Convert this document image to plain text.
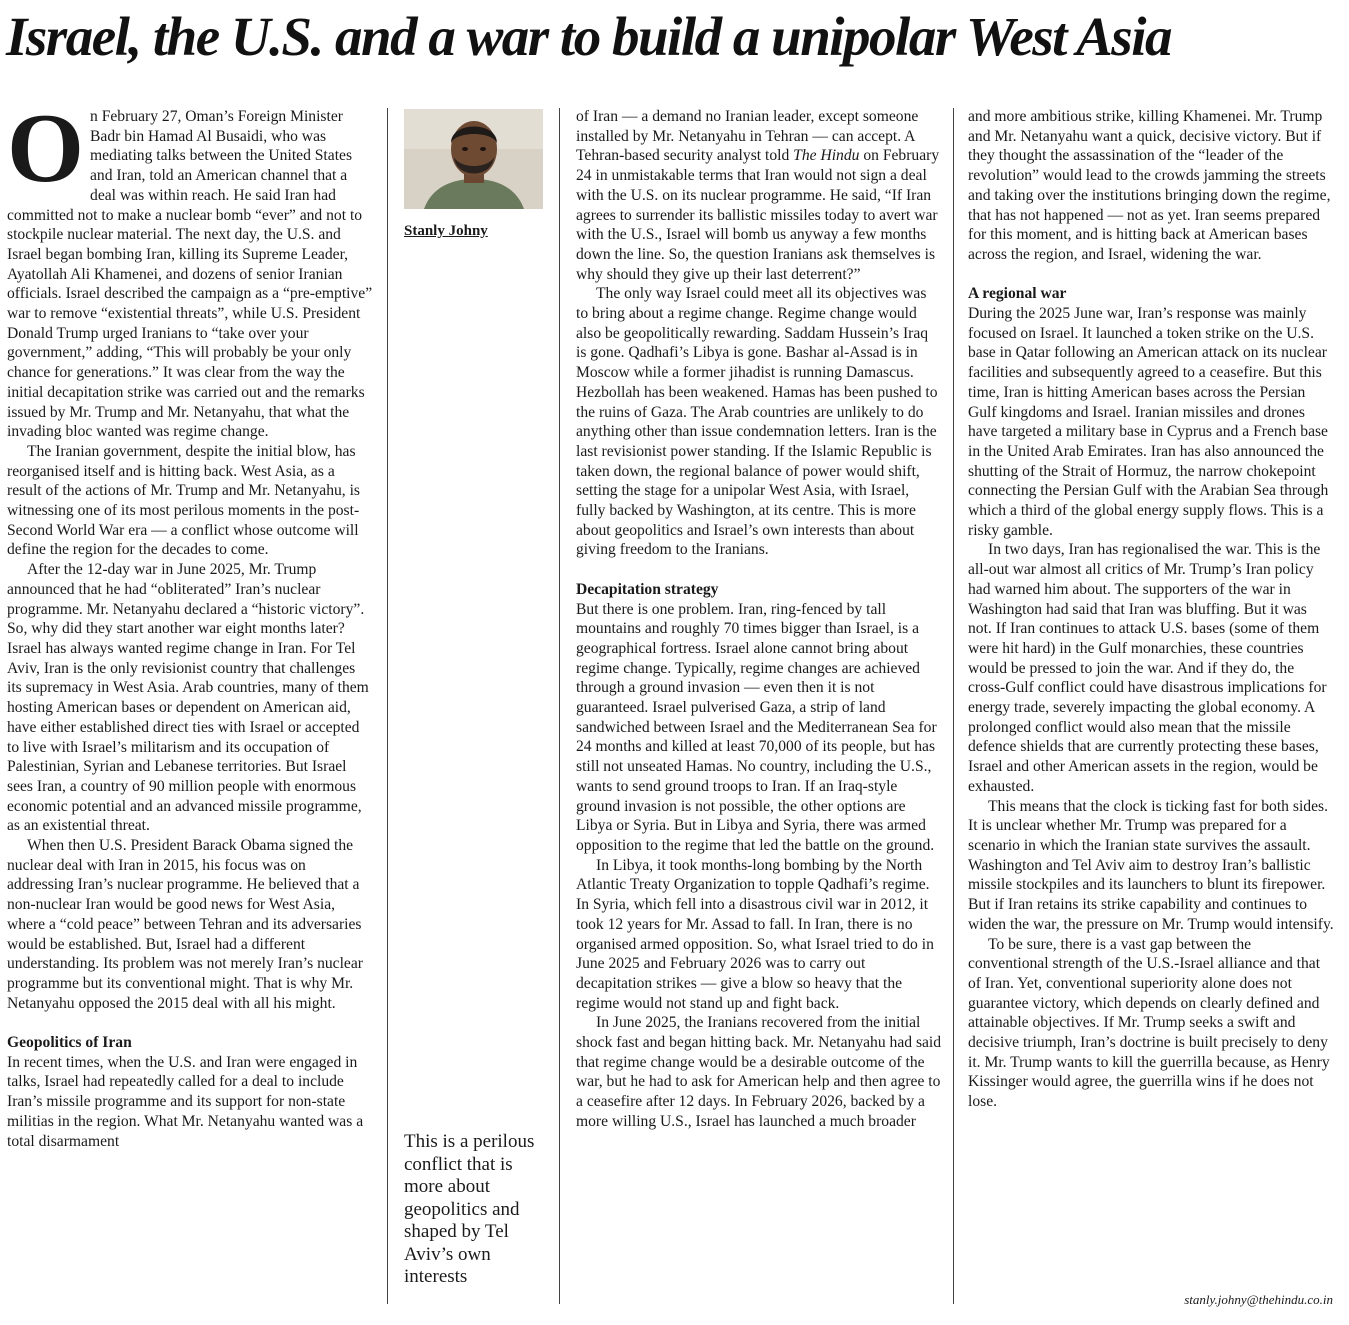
Israel, the U.S. and a war to build a unipolar West Asia

On February 27, Oman’s Foreign Minister Badr bin Hamad Al Busaidi, who was mediating talks between the United States and Iran, told an American channel that a deal was within reach. He said Iran had committed not to make a nuclear bomb “ever” and not to stockpile nuclear material. The next day, the U.S. and Israel began bombing Iran, killing its Supreme Leader, Ayatollah Ali Khamenei, and dozens of senior Iranian officials. Israel described the campaign as a “pre-emptive” war to remove “existential threats”, while U.S. President Donald Trump urged Iranians to “take over your government,” adding, “This will probably be your only chance for generations.” It was clear from the way the initial decapitation strike was carried out and the remarks issued by Mr. Trump and Mr. Netanyahu, that what the invading bloc wanted was regime change.

The Iranian government, despite the initial blow, has reorganised itself and is hitting back. West Asia, as a result of the actions of Mr. Trump and Mr. Netanyahu, is witnessing one of its most perilous moments in the post-Second World War era — a conflict whose outcome will define the region for the decades to come.

After the 12-day war in June 2025, Mr. Trump announced that he had “obliterated” Iran’s nuclear programme. Mr. Netanyahu declared a “historic victory”. So, why did they start another war eight months later? Israel has always wanted regime change in Iran. For Tel Aviv, Iran is the only revisionist country that challenges its supremacy in West Asia. Arab countries, many of them hosting American bases or dependent on American aid, have either established direct ties with Israel or accepted to live with Israel’s militarism and its occupation of Palestinian, Syrian and Lebanese territories. But Israel sees Iran, a country of 90 million people with enormous economic potential and an advanced missile programme, as an existential threat.

When then U.S. President Barack Obama signed the nuclear deal with Iran in 2015, his focus was on addressing Iran’s nuclear programme. He believed that a non-nuclear Iran would be good news for West Asia, where a “cold peace” between Tehran and its adversaries would be established. But, Israel had a different understanding. Its problem was not merely Iran’s nuclear programme but its conventional might. That is why Mr. Netanyahu opposed the 2015 deal with all his might.

Geopolitics of Iran

In recent times, when the U.S. and Iran were engaged in talks, Israel had repeatedly called for a deal to include Iran’s missile programme and its support for non-state militias in the region. What Mr. Netanyahu wanted was a total disarmament

Stanly Johny
This is a perilous conflict that is more about geopolitics and shaped by Tel Aviv’s own interests

of Iran — a demand no Iranian leader, except someone installed by Mr. Netanyahu in Tehran — can accept. A Tehran-based security analyst told The Hindu on February 24 in unmistakable terms that Iran would not sign a deal with the U.S. on its nuclear programme. He said, “If Iran agrees to surrender its ballistic missiles today to avert war with the U.S., Israel will bomb us anyway a few months down the line. So, the question Iranians ask themselves is why should they give up their last deterrent?”

The only way Israel could meet all its objectives was to bring about a regime change. Regime change would also be geopolitically rewarding. Saddam Hussein’s Iraq is gone. Qadhafi’s Libya is gone. Bashar al-Assad is in Moscow while a former jihadist is running Damascus. Hezbollah has been weakened. Hamas has been pushed to the ruins of Gaza. The Arab countries are unlikely to do anything other than issue condemnation letters. Iran is the last revisionist power standing. If the Islamic Republic is taken down, the regional balance of power would shift, setting the stage for a unipolar West Asia, with Israel, fully backed by Washington, at its centre. This is more about geopolitics and Israel’s own interests than about giving freedom to the Iranians.

Decapitation strategy

But there is one problem. Iran, ring-fenced by tall mountains and roughly 70 times bigger than Israel, is a geographical fortress. Israel alone cannot bring about regime change. Typically, regime changes are achieved through a ground invasion — even then it is not guaranteed. Israel pulverised Gaza, a strip of land sandwiched between Israel and the Mediterranean Sea for 24 months and killed at least 70,000 of its people, but has still not unseated Hamas. No country, including the U.S., wants to send ground troops to Iran. If an Iraq-style ground invasion is not possible, the other options are Libya or Syria. But in Libya and Syria, there was armed opposition to the regime that led the battle on the ground.

In Libya, it took months-long bombing by the North Atlantic Treaty Organization to topple Qadhafi’s regime. In Syria, which fell into a disastrous civil war in 2012, it took 12 years for Mr. Assad to fall. In Iran, there is no organised armed opposition. So, what Israel tried to do in June 2025 and February 2026 was to carry out decapitation strikes — give a blow so heavy that the regime would not stand up and fight back.

In June 2025, the Iranians recovered from the initial shock fast and began hitting back. Mr. Netanyahu had said that regime change would be a desirable outcome of the war, but he had to ask for American help and then agree to a ceasefire after 12 days. In February 2026, backed by a more willing U.S., Israel has launched a much broader

and more ambitious strike, killing Khamenei. Mr. Trump and Mr. Netanyahu want a quick, decisive victory. But if they thought the assassination of the “leader of the revolution” would lead to the crowds jamming the streets and taking over the institutions bringing down the regime, that has not happened — not as yet. Iran seems prepared for this moment, and is hitting back at American bases across the region, and Israel, widening the war.

A regional war

During the 2025 June war, Iran’s response was mainly focused on Israel. It launched a token strike on the U.S. base in Qatar following an American attack on its nuclear facilities and subsequently agreed to a ceasefire. But this time, Iran is hitting American bases across the Persian Gulf kingdoms and Israel. Iranian missiles and drones have targeted a military base in Cyprus and a French base in the United Arab Emirates. Iran has also announced the shutting of the Strait of Hormuz, the narrow chokepoint connecting the Persian Gulf with the Arabian Sea through which a third of the global energy supply flows. This is a risky gamble.

In two days, Iran has regionalised the war. This is the all-out war almost all critics of Mr. Trump’s Iran policy had warned him about. The supporters of the war in Washington had said that Iran was bluffing. But it was not. If Iran continues to attack U.S. bases (some of them were hit hard) in the Gulf monarchies, these countries would be pressed to join the war. And if they do, the cross-Gulf conflict could have disastrous implications for energy trade, severely impacting the global economy. A prolonged conflict would also mean that the missile defence shields that are currently protecting these bases, Israel and other American assets in the region, would be exhausted.

This means that the clock is ticking fast for both sides. It is unclear whether Mr. Trump was prepared for a scenario in which the Iranian state survives the assault. Washington and Tel Aviv aim to destroy Iran’s ballistic missile stockpiles and its launchers to blunt its firepower. But if Iran retains its strike capability and continues to widen the war, the pressure on Mr. Trump would intensify.

To be sure, there is a vast gap between the conventional strength of the U.S.-Israel alliance and that of Iran. Yet, conventional superiority alone does not guarantee victory, which depends on clearly defined and attainable objectives. If Mr. Trump seeks a swift and decisive triumph, Iran’s doctrine is built precisely to deny it. Mr. Trump wants to kill the guerrilla because, as Henry Kissinger would agree, the guerrilla wins if he does not lose.

stanly.johny@thehindu.co.in
